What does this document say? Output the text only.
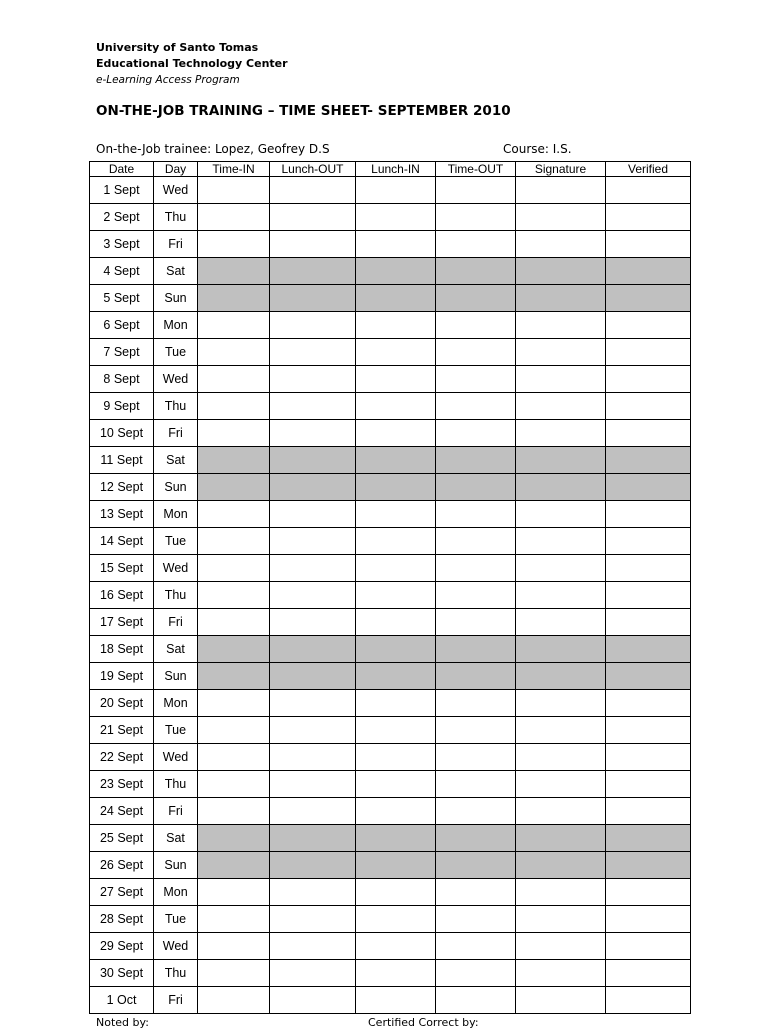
University of Santo Tomas
Educational Technology Center
e-Learning Access Program
ON-THE-JOB TRAINING – TIME SHEET- SEPTEMBER 2010
On-the-Job trainee: Lopez, Geofrey D.S	Course: I.S.
Date	Day	Time-IN	Lunch-OUT	Lunch-IN	Time-OUT	Signature	Verified
1 Sept	Wed						
2 Sept	Thu						
3 Sept	Fri						
4 Sept	Sat						
5 Sept	Sun						
6 Sept	Mon						
7 Sept	Tue						
8 Sept	Wed						
9 Sept	Thu						
10 Sept	Fri						
11 Sept	Sat						
12 Sept	Sun						
13 Sept	Mon						
14 Sept	Tue						
15 Sept	Wed						
16 Sept	Thu						
17 Sept	Fri						
18 Sept	Sat						
19 Sept	Sun						
20 Sept	Mon						
21 Sept	Tue						
22 Sept	Wed						
23 Sept	Thu						
24 Sept	Fri						
25 Sept	Sat						
26 Sept	Sun						
27 Sept	Mon						
28 Sept	Tue						
29 Sept	Wed						
30 Sept	Thu						
1 Oct	Fri						
Noted by:	Certified Correct by:
